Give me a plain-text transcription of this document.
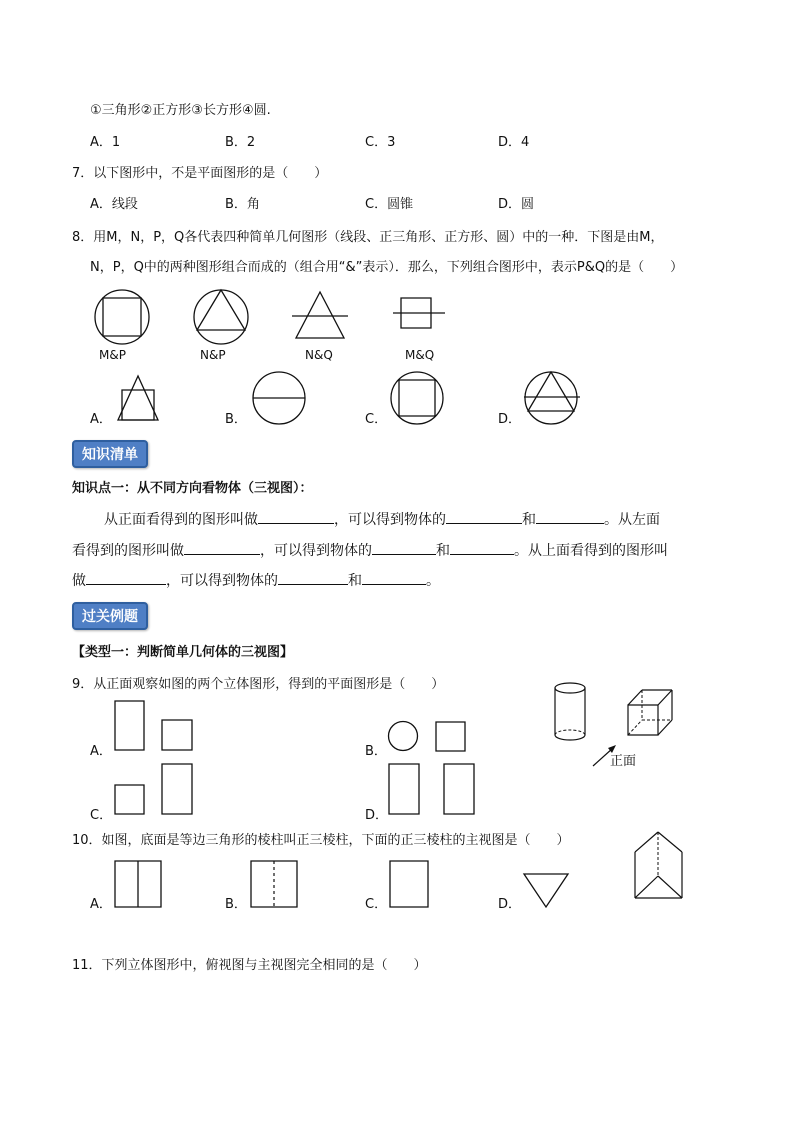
①三角形②正方形③长方形④圆.
A．1	B．2	C．3	D．4
7．以下图形中，不是平面图形的是（　　）
A．线段	B．角	C．圆锥	D．圆
8．用M，N，P，Q各代表四种简单几何图形（线段、正三角形、正方形、圆）中的一种．下图是由M，
N，P，Q中的两种图形组合而成的（组合用“&”表示）．那么，下列组合图形中，表示P&Q的是（　　）
M&P	N&P	N&Q	M&Q
A．	B．	C．	D．
知识清单
知识点一：从不同方向看物体（三视图）：
从正面看得到的图形叫做	，可以得到物体的	和	。从左面
看得到的图形叫做	，可以得到物体的	和	。从上面看得到的图形叫
做	，可以得到物体的	和	。
过关例题
【类型一：判断简单几何体的三视图】
9．从正面观察如图的两个立体图形，得到的平面图形是（　　）
A．	B．
C．	D．
正面
10．如图，底面是等边三角形的棱柱叫正三棱柱，下面的正三棱柱的主视图是（　　）
A．	B．	C．	D．
11．下列立体图形中，俯视图与主视图完全相同的是（　　）
